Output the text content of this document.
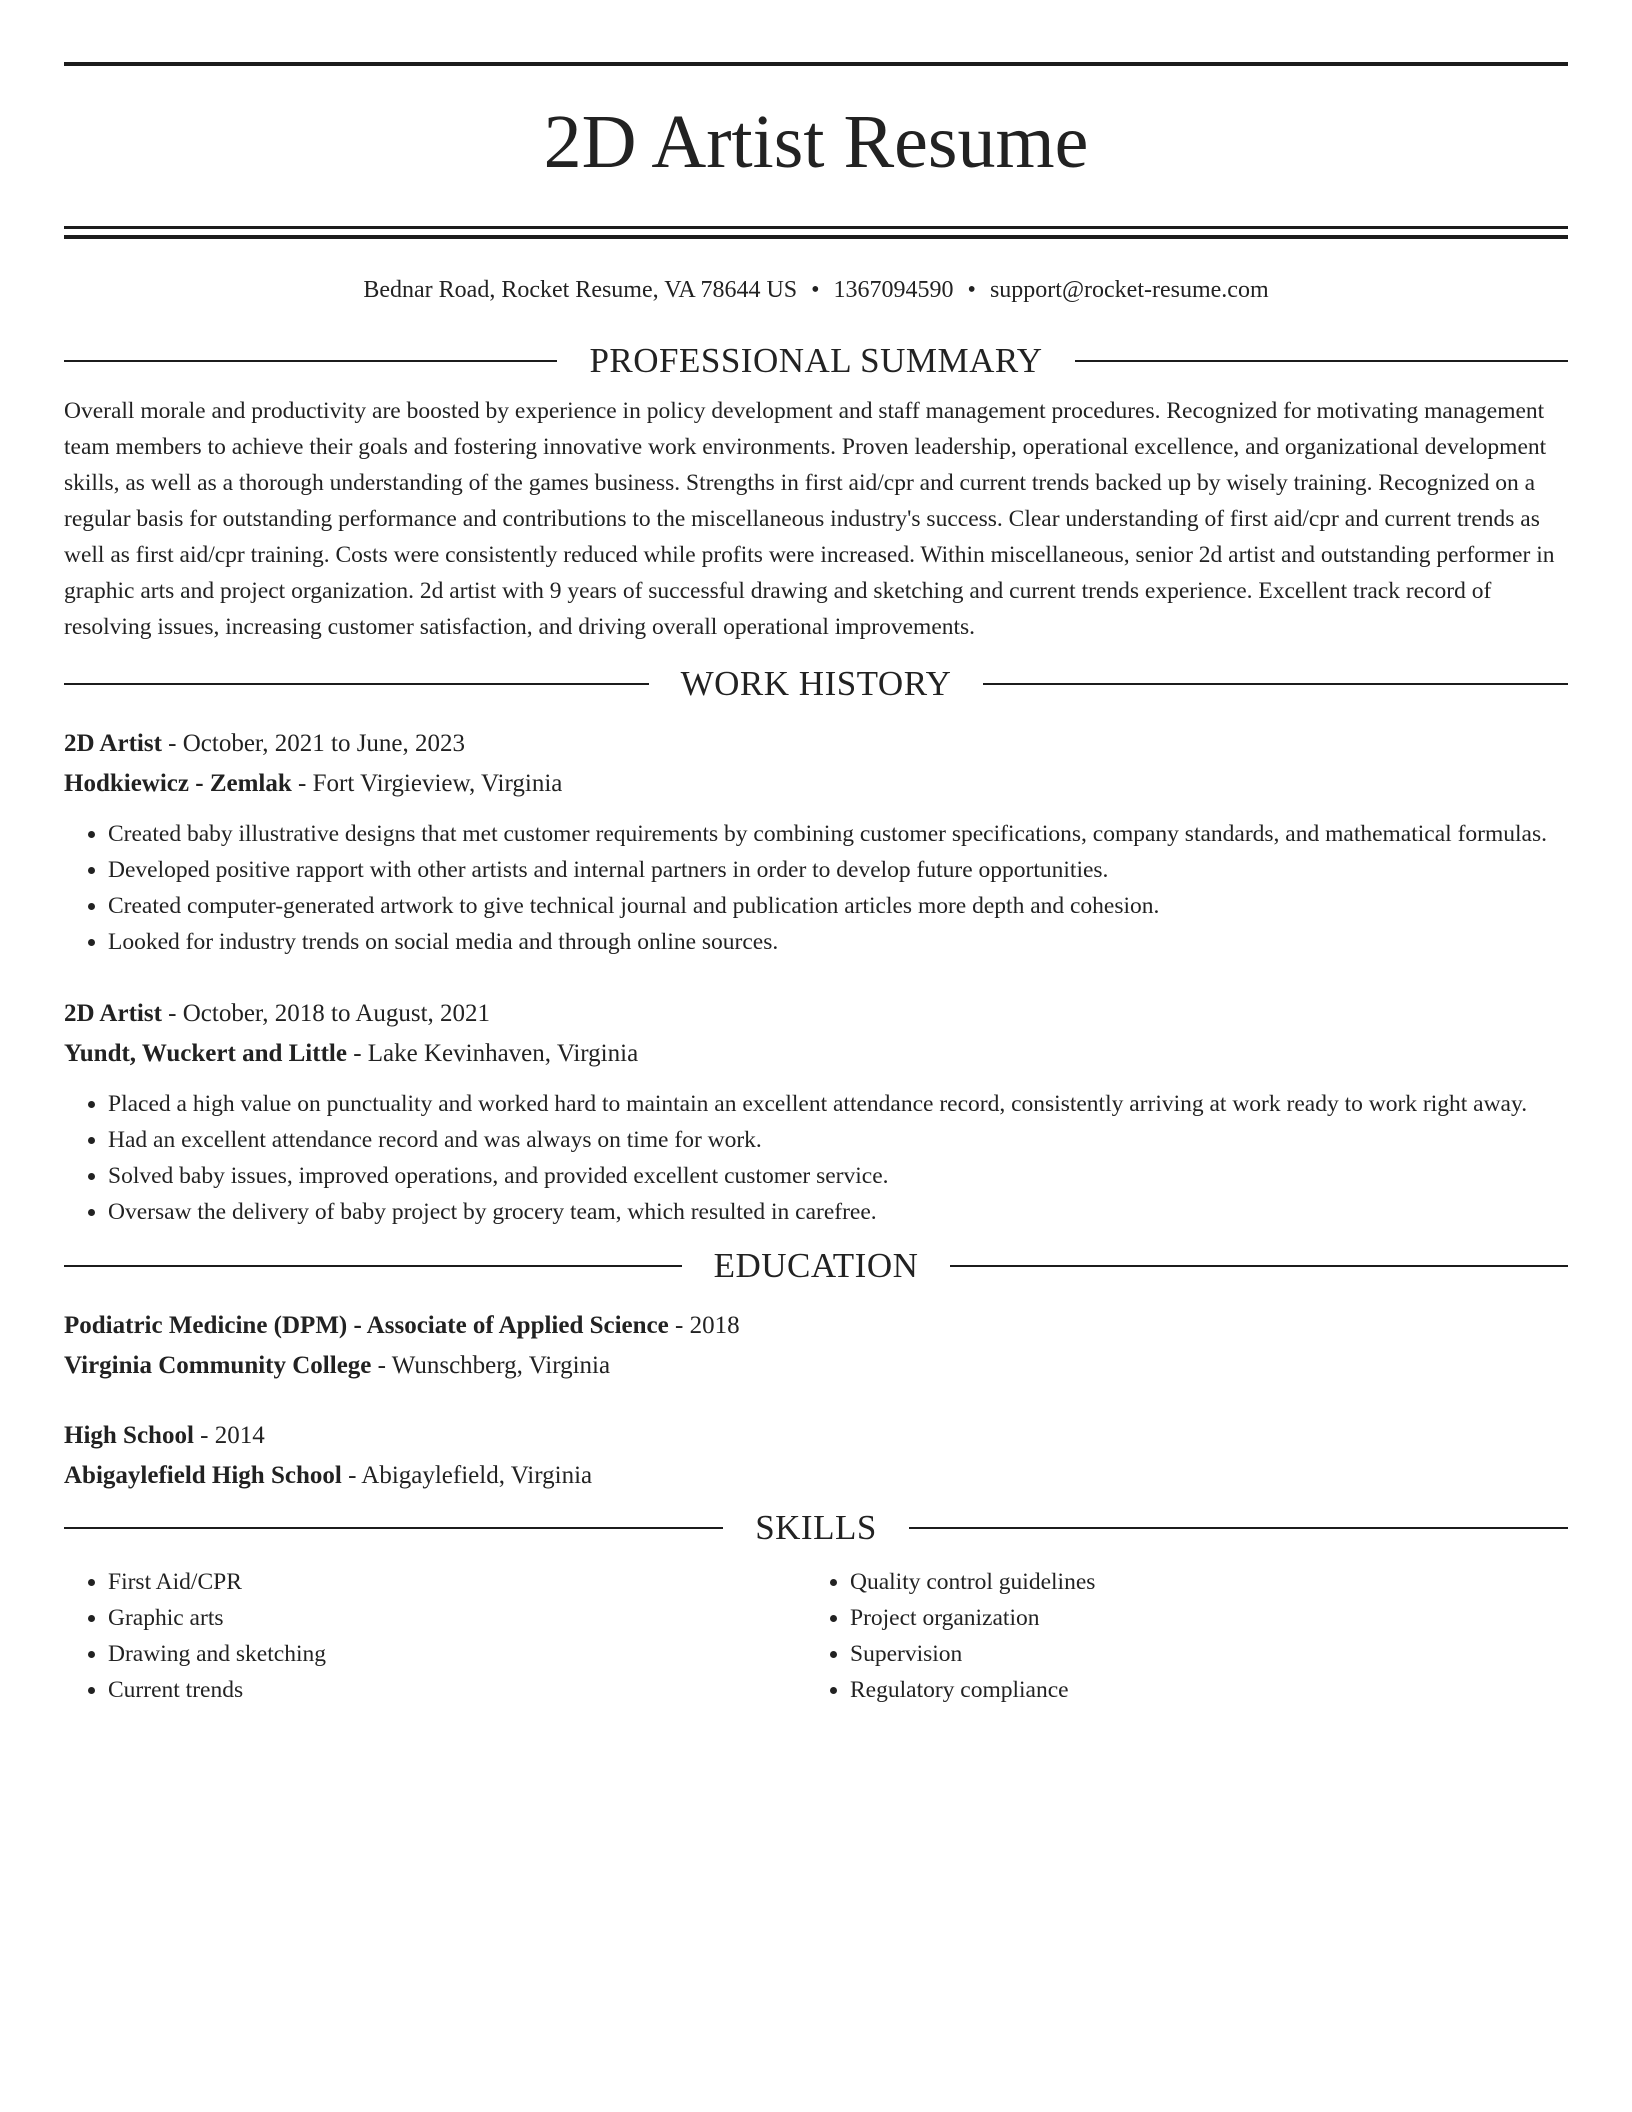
2D Artist Resume
Bednar Road, Rocket Resume, VA 78644 US • 1367094590 • support@rocket-resume.com
PROFESSIONAL SUMMARY

Overall morale and productivity are boosted by experience in policy development and staff management procedures. Recognized for motivating management team members to achieve their goals and fostering innovative work environments. Proven leadership, operational excellence, and organizational development skills, as well as a thorough understanding of the games business. Strengths in first aid/cpr and current trends backed up by wisely training. Recognized on a regular basis for outstanding performance and contributions to the miscellaneous industry's success. Clear understanding of first aid/cpr and current trends as well as first aid/cpr training. Costs were consistently reduced while profits were increased. Within miscellaneous, senior 2d artist and outstanding performer in graphic arts and project organization. 2d artist with 9 years of successful drawing and sketching and current trends experience. Excellent track record of resolving issues, increasing customer satisfaction, and driving overall operational improvements.

WORK HISTORY
2D Artist - October, 2021 to June, 2023
Hodkiewicz - Zemlak - Fort Virgieview, Virginia
• Created baby illustrative designs that met customer requirements by combining customer specifications, company standards, and mathematical formulas.
• Developed positive rapport with other artists and internal partners in order to develop future opportunities.
• Created computer-generated artwork to give technical journal and publication articles more depth and cohesion.
• Looked for industry trends on social media and through online sources.
2D Artist - October, 2018 to August, 2021
Yundt, Wuckert and Little - Lake Kevinhaven, Virginia
• Placed a high value on punctuality and worked hard to maintain an excellent attendance record, consistently arriving at work ready to work right away.
• Had an excellent attendance record and was always on time for work.
• Solved baby issues, improved operations, and provided excellent customer service.
• Oversaw the delivery of baby project by grocery team, which resulted in carefree.
EDUCATION
Podiatric Medicine (DPM) - Associate of Applied Science - 2018
Virginia Community College - Wunschberg, Virginia
High School - 2014
Abigaylefield High School - Abigaylefield, Virginia
SKILLS
• First Aid/CPR
• Graphic arts
• Drawing and sketching
• Current trends
• Quality control guidelines
• Project organization
• Supervision
• Regulatory compliance
